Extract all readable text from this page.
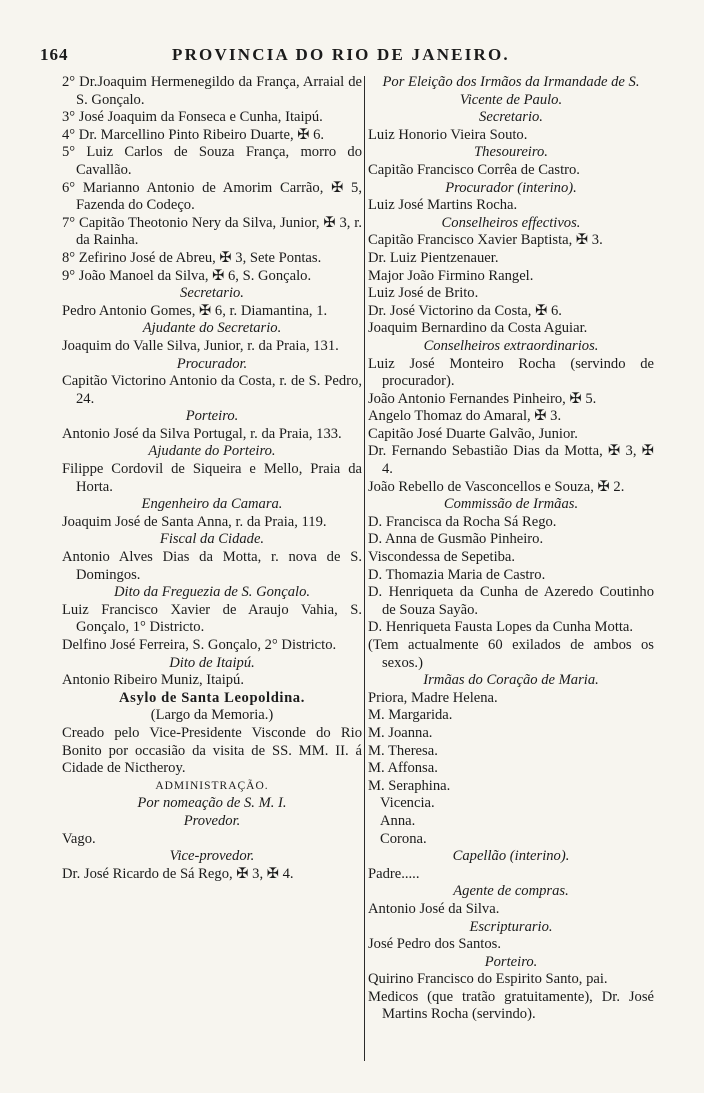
164	PROVINCIA DO RIO DE JANEIRO.

2° Dr.Joaquim Hermenegildo da França, Arraial de S. Gonçalo.

3° José Joaquim da Fonseca e Cunha, Itaipú.

4° Dr. Marcellino Pinto Ribeiro Duarte, ✠ 6.

5° Luiz Carlos de Souza França, morro do Cavallão.

6° Marianno Antonio de Amorim Carrão, ✠ 5, Fazenda do Codeço.

7° Capitão Theotonio Nery da Silva, Junior, ✠ 3, r. da Rainha.

8° Zefirino José de Abreu, ✠ 3, Sete Pontas.

9° João Manoel da Silva, ✠ 6, S. Gonçalo.

Secretario.

Pedro Antonio Gomes, ✠ 6, r. Diamantina, 1.

Ajudante do Secretario.

Joaquim do Valle Silva, Junior, r. da Praia, 131.

Procurador.

Capitão Victorino Antonio da Costa, r. de S. Pedro, 24.

Porteiro.

Antonio José da Silva Portugal, r. da Praia, 133.

Ajudante do Porteiro.

Filippe Cordovil de Siqueira e Mello, Praia da Horta.

Engenheiro da Camara.

Joaquim José de Santa Anna, r. da Praia, 119.

Fiscal da Cidade.

Antonio Alves Dias da Motta, r. nova de S. Domingos.

Dito da Freguezia de S. Gonçalo.

Luiz Francisco Xavier de Araujo Vahia, S. Gonçalo, 1° Districto.

Delfino José Ferreira, S. Gonçalo, 2° Districto.

Dito de Itaipú.

Antonio Ribeiro Muniz, Itaipú.

Asylo de Santa Leopoldina.

(Largo da Memoria.)

Creado pelo Vice-Presidente Visconde do Rio Bonito por occasião da visita de SS. MM. II. á Cidade de Nictheroy.

ADMINISTRAÇÃO.

Por nomeação de S. M. I.

Provedor.

Vago.

Vice-provedor.

Dr. José Ricardo de Sá Rego, ✠ 3, ✠ 4.

Por Eleição dos Irmãos da Irmandade de S. Vicente de Paulo.

Secretario.

Luiz Honorio Vieira Souto.

Thesoureiro.

Capitão Francisco Corrêa de Castro.

Procurador (interino).

Luiz José Martins Rocha.

Conselheiros effectivos.

Capitão Francisco Xavier Baptista, ✠ 3.

Dr. Luiz Pientzenauer.

Major João Firmino Rangel.

Luiz José de Brito.

Dr. José Victorino da Costa, ✠ 6.

Joaquim Bernardino da Costa Aguiar.

Conselheiros extraordinarios.

Luiz José Monteiro Rocha (servindo de procurador).

João Antonio Fernandes Pinheiro, ✠ 5.

Angelo Thomaz do Amaral, ✠ 3.

Capitão José Duarte Galvão, Junior.

Dr. Fernando Sebastião Dias da Motta, ✠ 3, ✠ 4.

João Rebello de Vasconcellos e Souza, ✠ 2.

Commissão de Irmãas.

D. Francisca da Rocha Sá Rego.

D. Anna de Gusmão Pinheiro.

Viscondessa de Sepetiba.

D. Thomazia Maria de Castro.

D. Henriqueta da Cunha de Azeredo Coutinho de Souza Sayão.

D. Henriqueta Fausta Lopes da Cunha Motta.

(Tem actualmente 60 exilados de ambos os sexos.)

Irmãas do Coração de Maria.

Priora, Madre Helena.

M. Margarida.

M. Joanna.

M. Theresa.

M. Affonsa.

M. Seraphina.

Vicencia.

Anna.

Corona.

Capellão (interino).

Padre.....

Agente de compras.

Antonio José da Silva.

Escripturario.

José Pedro dos Santos.

Porteiro.

Quirino Francisco do Espirito Santo, pai.

Medicos (que tratão gratuitamente), Dr. José Martins Rocha (servindo).
